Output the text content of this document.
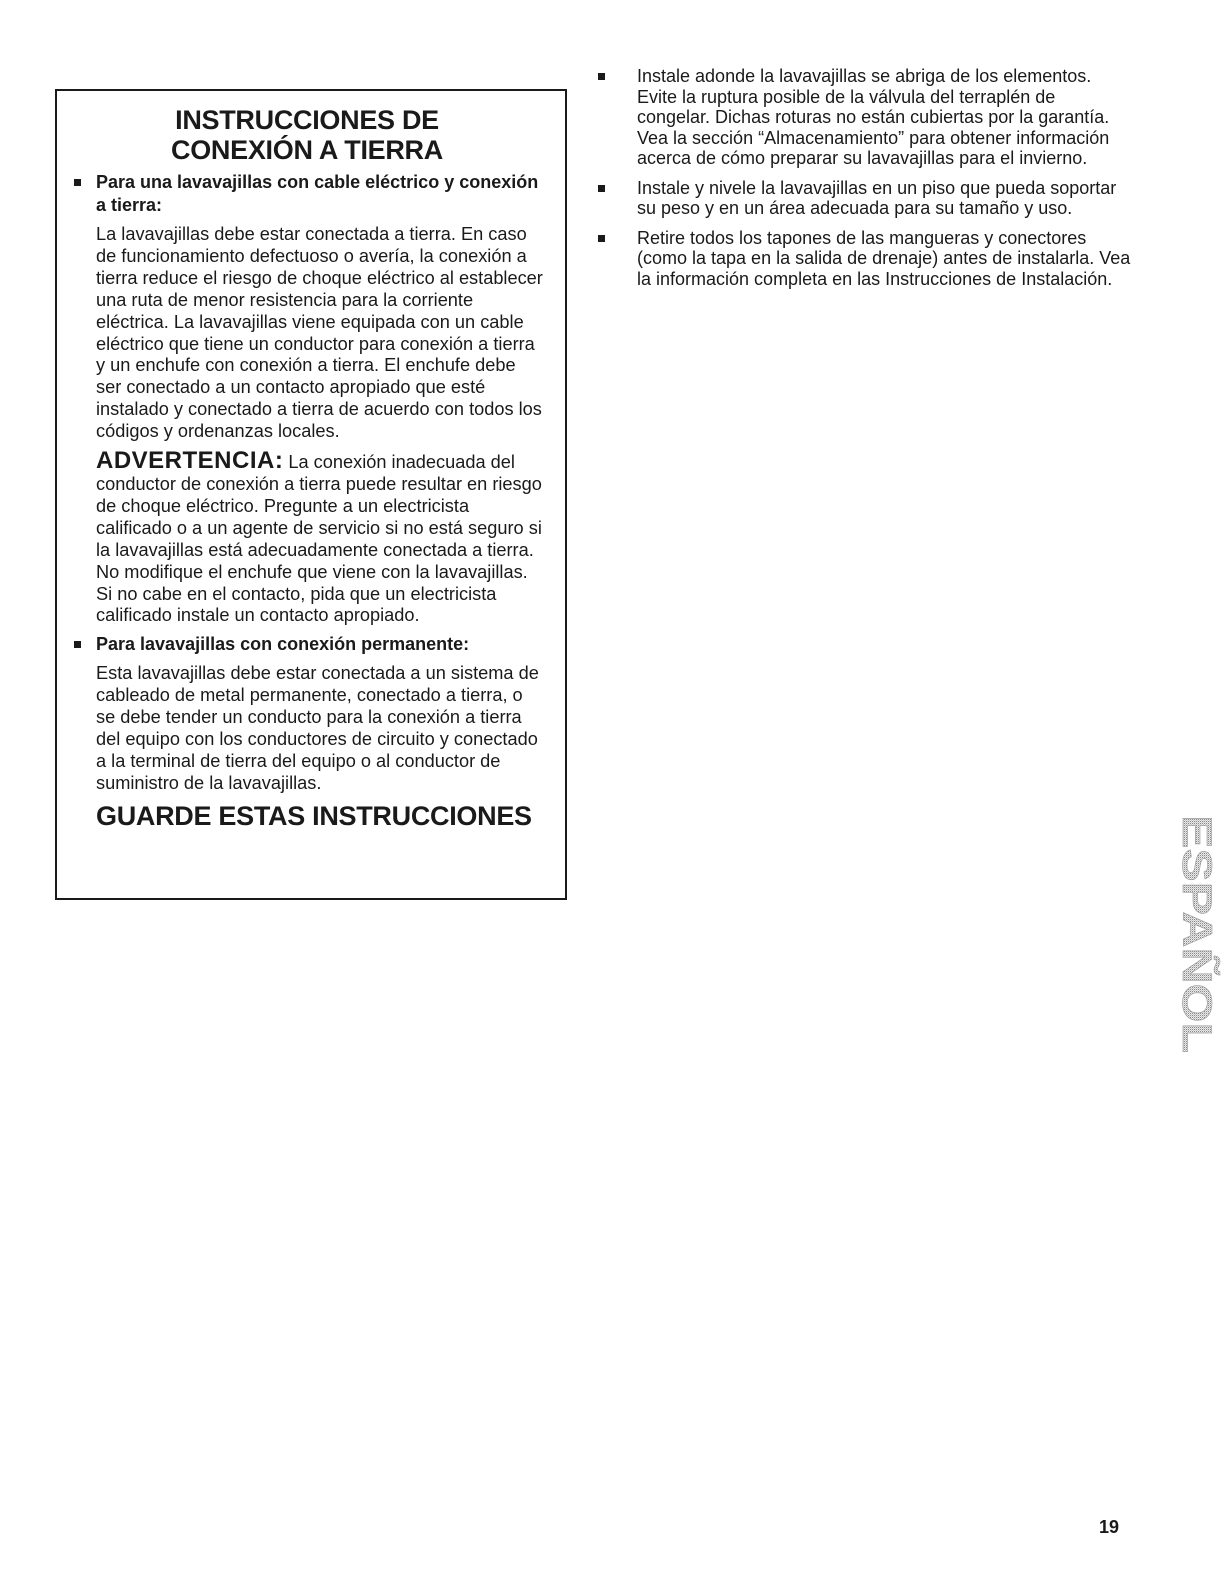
INSTRUCCIONES DE
CONEXIÓN A TIERRA
Para una lavavajillas con cable eléctrico y conexión a tierra:
La lavavajillas debe estar conectada a tierra. En caso de funcionamiento defectuoso o avería, la conexión a tierra reduce el riesgo de choque eléctrico al establecer una ruta de menor resistencia para la corriente eléctrica. La lavavajillas viene equipada con un cable eléctrico que tiene un conductor para conexión a tierra y un enchufe con conexión a tierra. El enchufe debe ser conectado a un contacto apropiado que esté instalado y conectado a tierra de acuerdo con todos los códigos y ordenanzas locales.
ADVERTENCIA: La conexión inadecuada del conductor de conexión a tierra puede resultar en riesgo de choque eléctrico. Pregunte a un electricista calificado o a un agente de servicio si no está seguro si la lavavajillas está adecuadamente conectada a tierra. No modifique el enchufe que viene con la lavavajillas. Si no cabe en el contacto, pida que un electricista calificado instale un contacto apropiado.
Para lavavajillas con conexión permanente:
Esta lavavajillas debe estar conectada a un sistema de cableado de metal permanente, conectado a tierra, o se debe tender un conducto para la conexión a tierra del equipo con los conductores de circuito y conectado a la terminal de tierra del equipo o al conductor de suministro de la lavavajillas.
GUARDE ESTAS INSTRUCCIONES
Instale adonde la lavavajillas se abriga de los elementos. Evite la ruptura posible de la válvula del terraplén de congelar. Dichas roturas no están cubiertas por la garantía. Vea la sección “Almacenamiento” para obtener información acerca de cómo preparar su lavavajillas para el invierno.
Instale y nivele la lavavajillas en un piso que pueda soportar su peso y en un área adecuada para su tamaño y uso.
Retire todos los tapones de las mangueras y conectores (como la tapa en la salida de drenaje) antes de instalarla. Vea la información completa en las Instrucciones de Instalación.
ESPAÑOL
19
